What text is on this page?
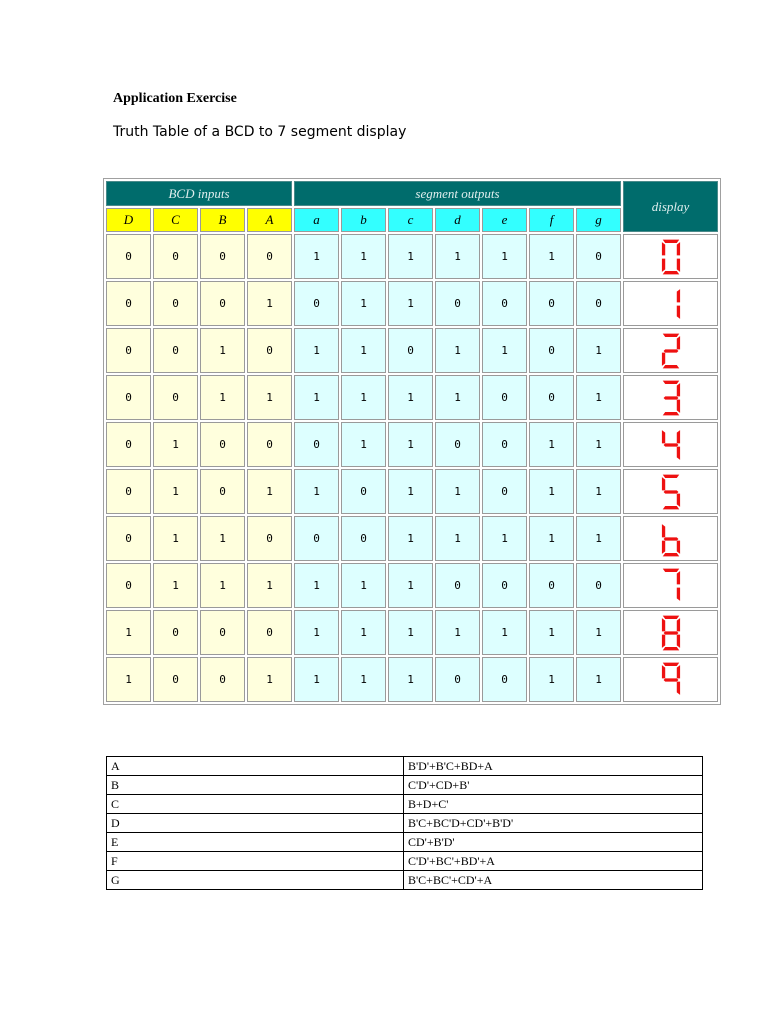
Application Exercise
Truth Table of a BCD to 7 segment display
BCD inputs				segment outputs							display
D	C	B	A	a	b	c	d	e	f	g	
0	0	0	0	1	1	1	1	1	1	0	

0	0	0	1	0	1	1	0	0	0	0	

0	0	1	0	1	1	0	1	1	0	1	

0	0	1	1	1	1	1	1	0	0	1	

0	1	0	0	0	1	1	0	0	1	1	

0	1	0	1	1	0	1	1	0	1	1	

0	1	1	0	0	0	1	1	1	1	1	

0	1	1	1	1	1	1	0	0	0	0	

1	0	0	0	1	1	1	1	1	1	1	

1	0	0	1	1	1	1	0	0	1	1	
A	B'D'+B'C+BD+A
B	C'D'+CD+B'
C	B+D+C'
D	B'C+BC'D+CD'+B'D'
E	CD'+B'D'
F	C'D'+BC'+BD'+A
G	B'C+BC'+CD'+A
